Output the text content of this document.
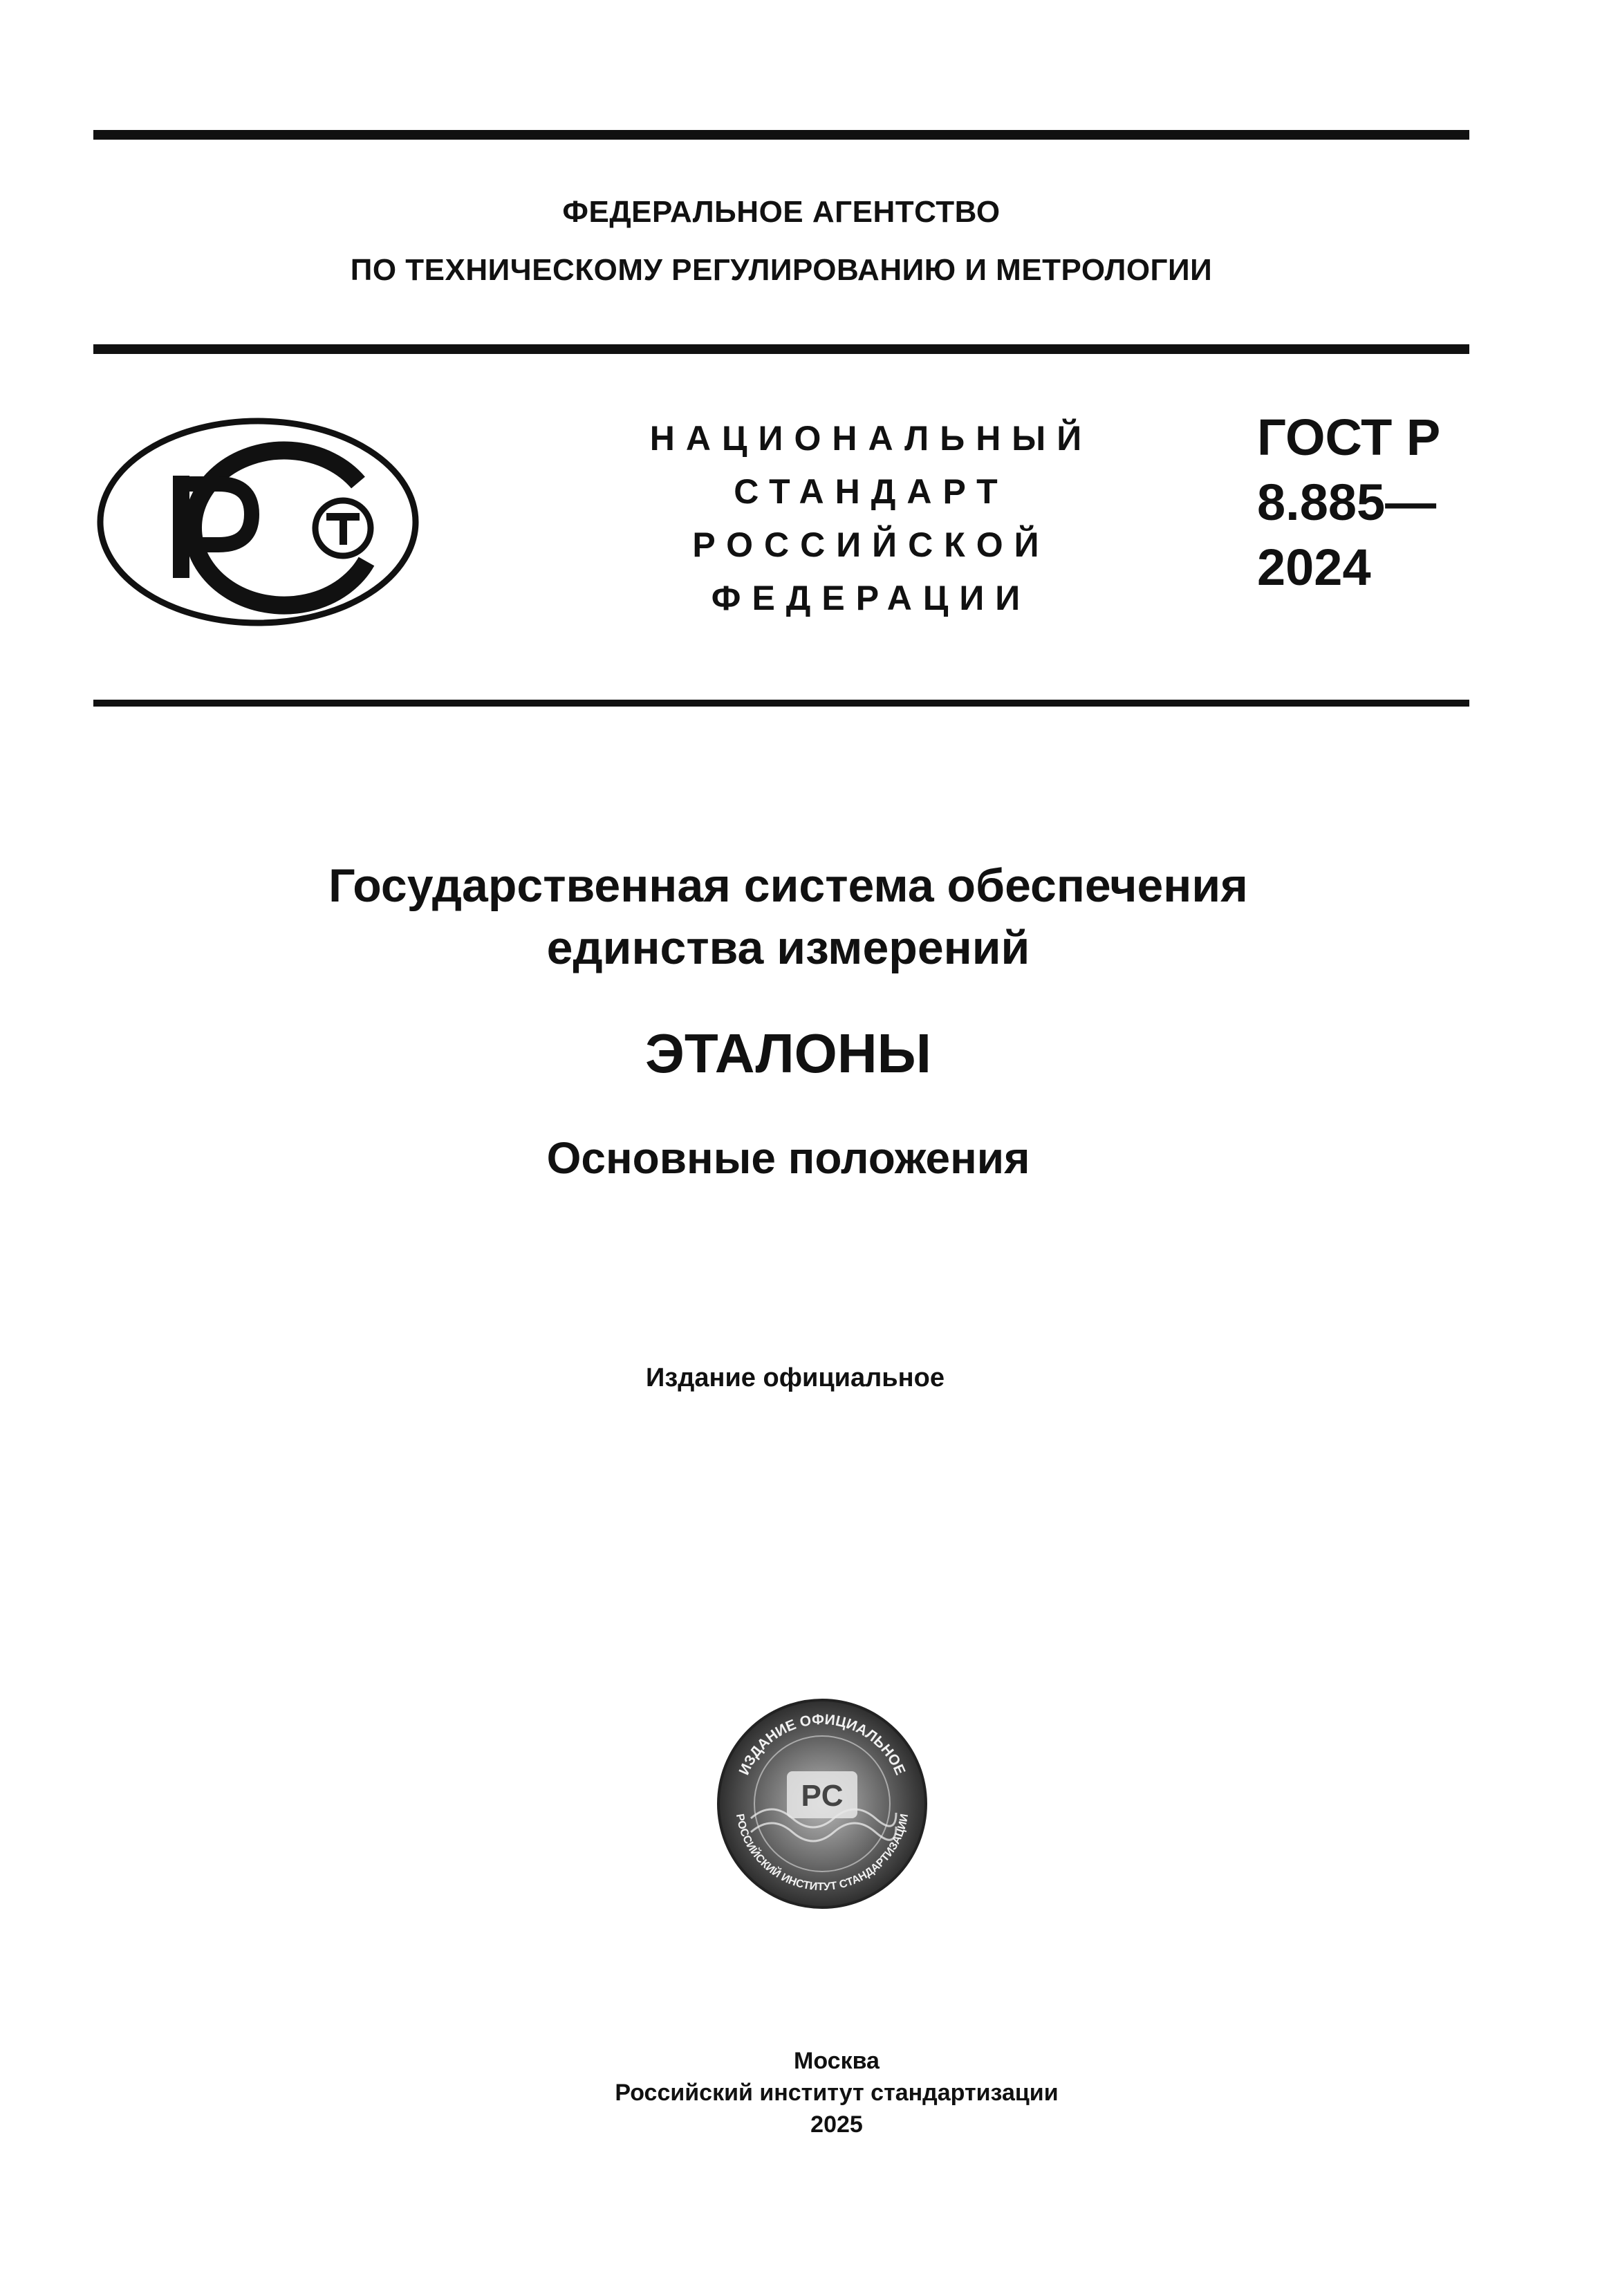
ФЕДЕРАЛЬНОЕ АГЕНТСТВО
ПО ТЕХНИЧЕСКОМУ РЕГУЛИРОВАНИЮ И МЕТРОЛОГИИ
НАЦИОНАЛЬНЫЙ
СТАНДАРТ
РОССИЙСКОЙ
ФЕДЕРАЦИИ
ГОСТ Р
8.885—
2024
Государственная система обеспечения
единства измерений
ЭТАЛОНЫ
Основные положения
Издание официальное
PC
ИЗДАНИЕ ОФИЦИАЛЬНОЕ
РОССИЙСКИЙ ИНСТИТУТ СТАНДАРТИЗАЦИИ
Москва
Российский институт стандартизации
2025
